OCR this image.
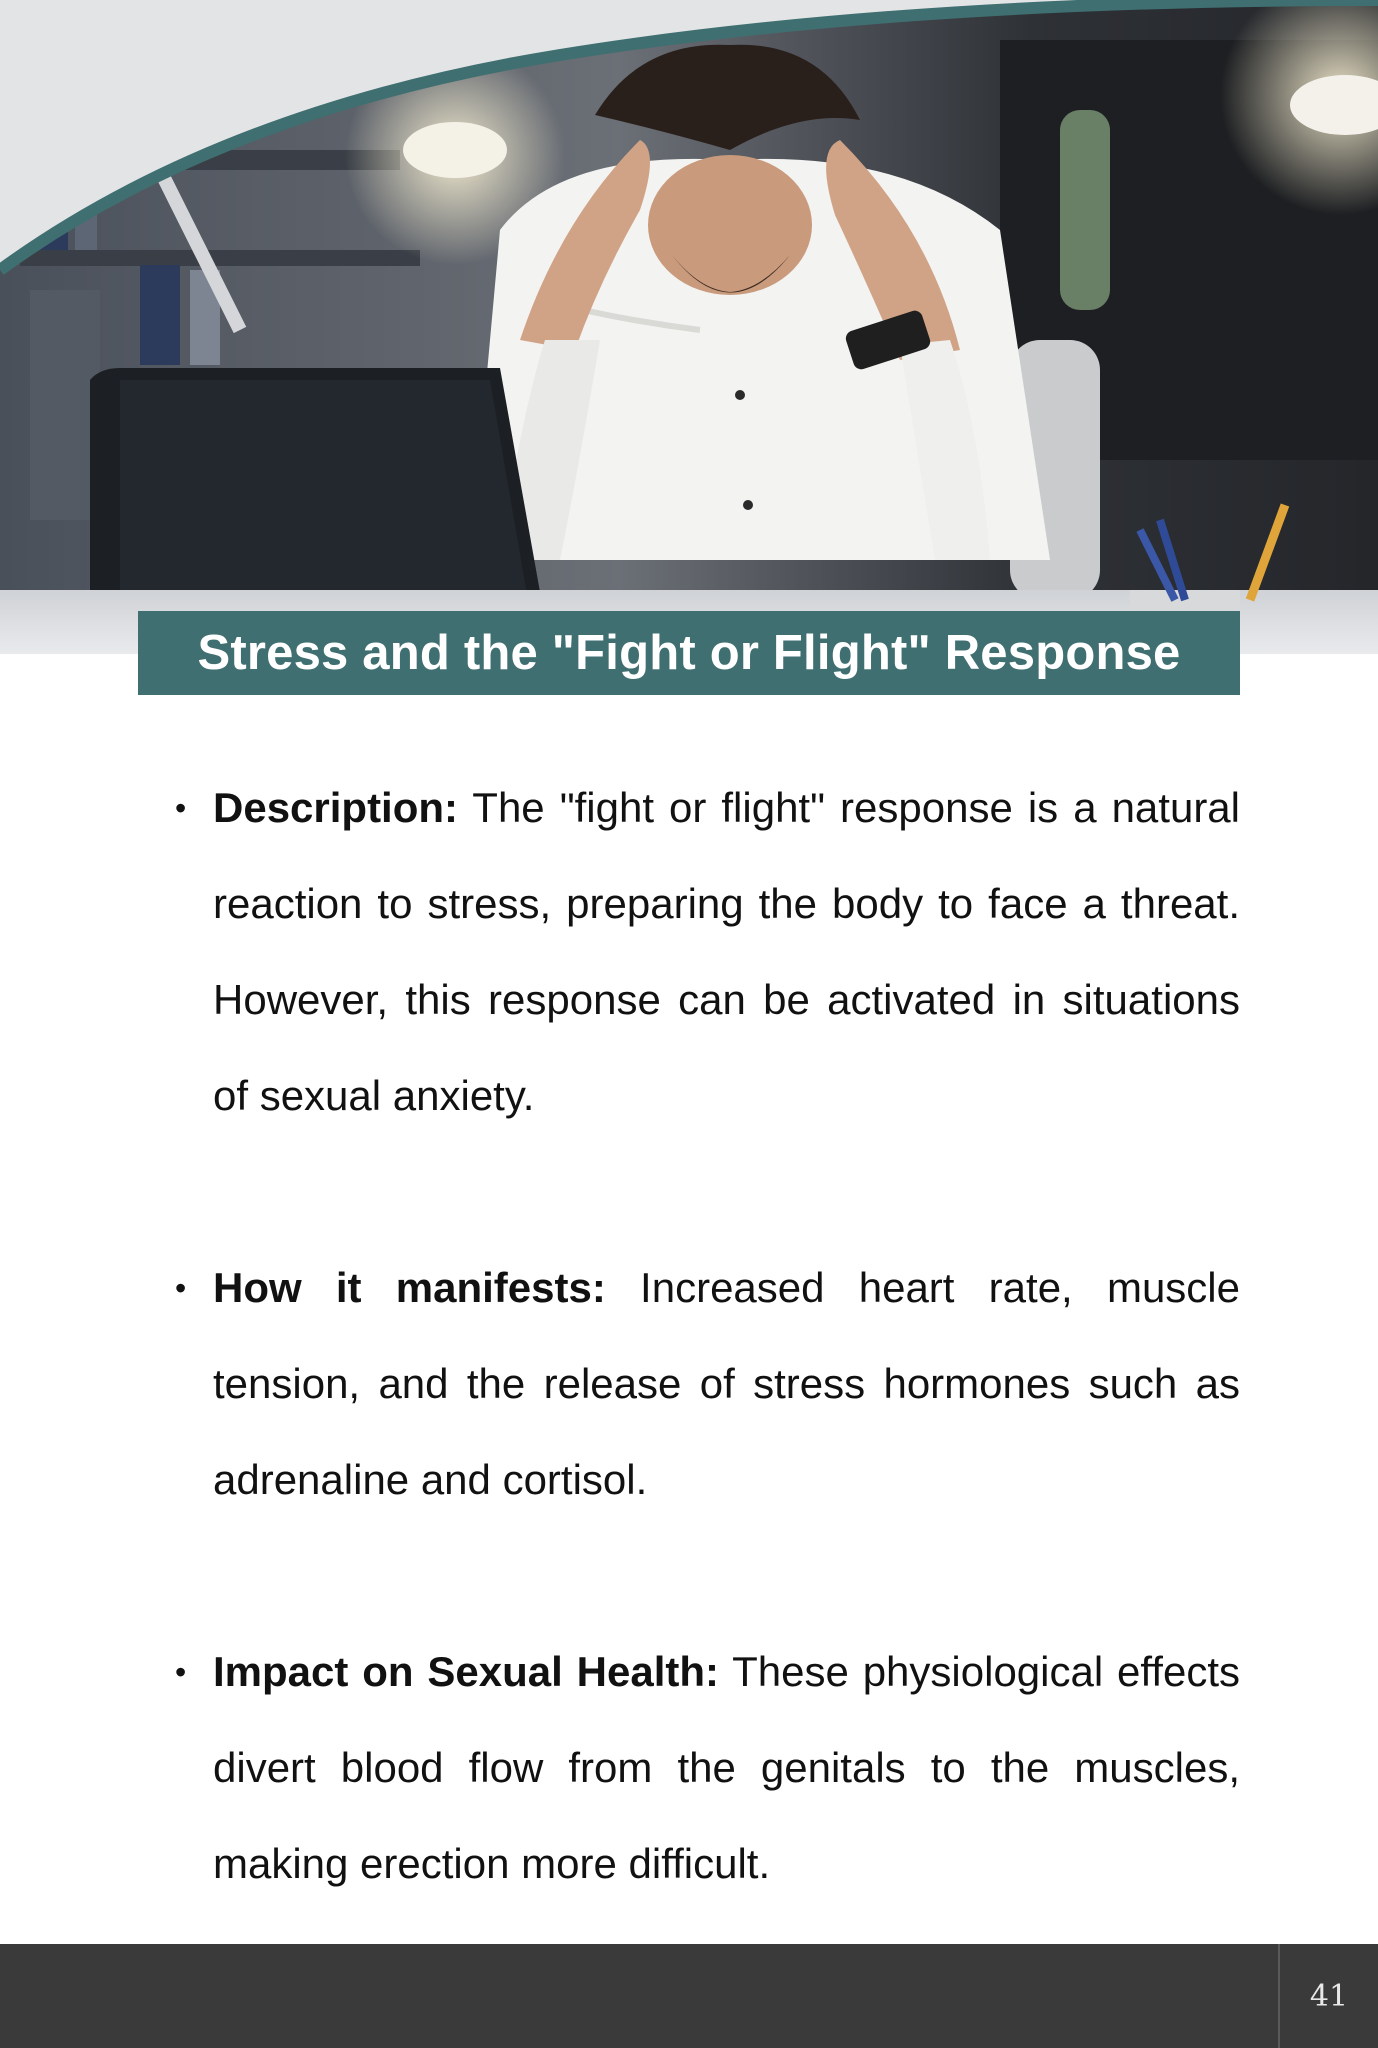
Stress and the "Fight or Flight" Response

• Description: The "fight or flight" response is a natural reaction to stress, preparing the body to face a threat. However, this response can be activated in situations of sexual anxiety.

• How it manifests: Increased heart rate, muscle tension, and the release of stress hormones such as adrenaline and cortisol.

• Impact on Sexual Health: These physiological effects divert blood flow from the genitals to the muscles, making erection more difficult.

41
